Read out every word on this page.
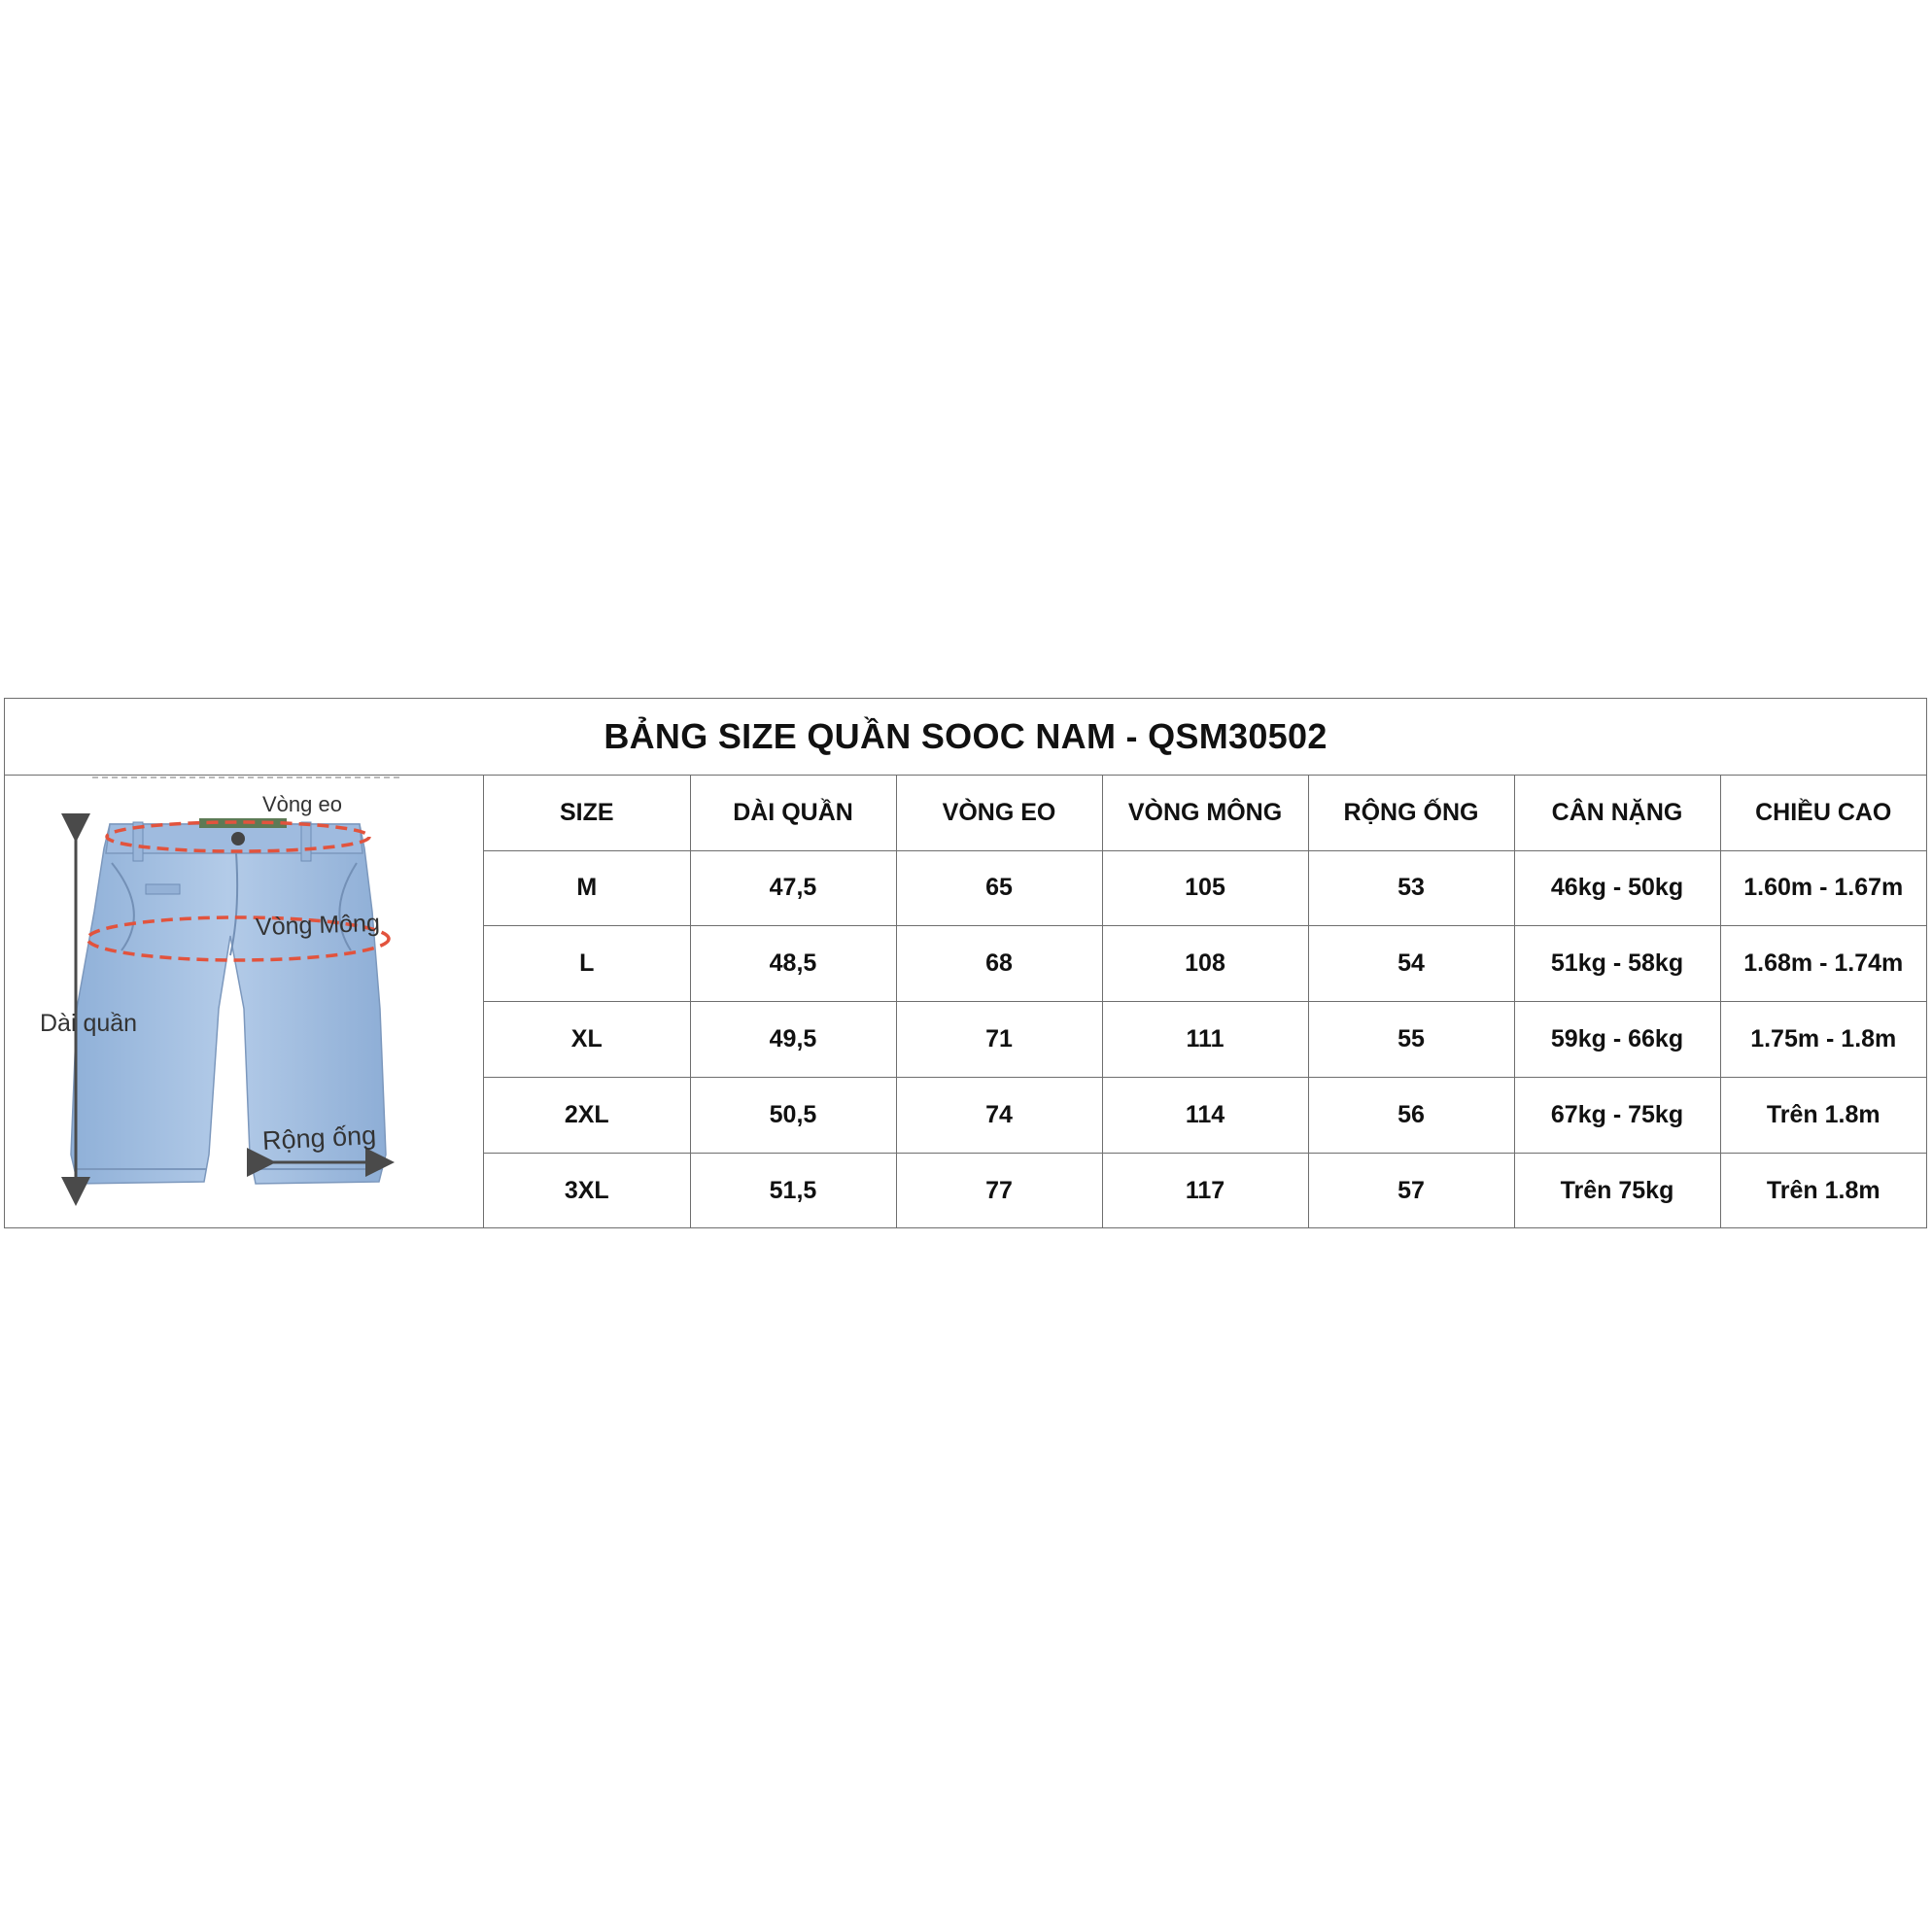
BẢNG SIZE QUẦN SOOC NAM - QSM30502
Vòng eo
Vòng Mông
Dài quần
Rộng ống
SIZE	DÀI QUẦN	VÒNG EO	VÒNG MÔNG	RỘNG ỐNG	CÂN NẶNG	CHIỀU CAO
M	47,5	65	105	53	46kg - 50kg	1.60m - 1.67m
L	48,5	68	108	54	51kg - 58kg	1.68m - 1.74m
XL	49,5	71	111	55	59kg - 66kg	1.75m - 1.8m
2XL	50,5	74	114	56	67kg - 75kg	Trên 1.8m
3XL	51,5	77	117	57	Trên 75kg	Trên 1.8m
